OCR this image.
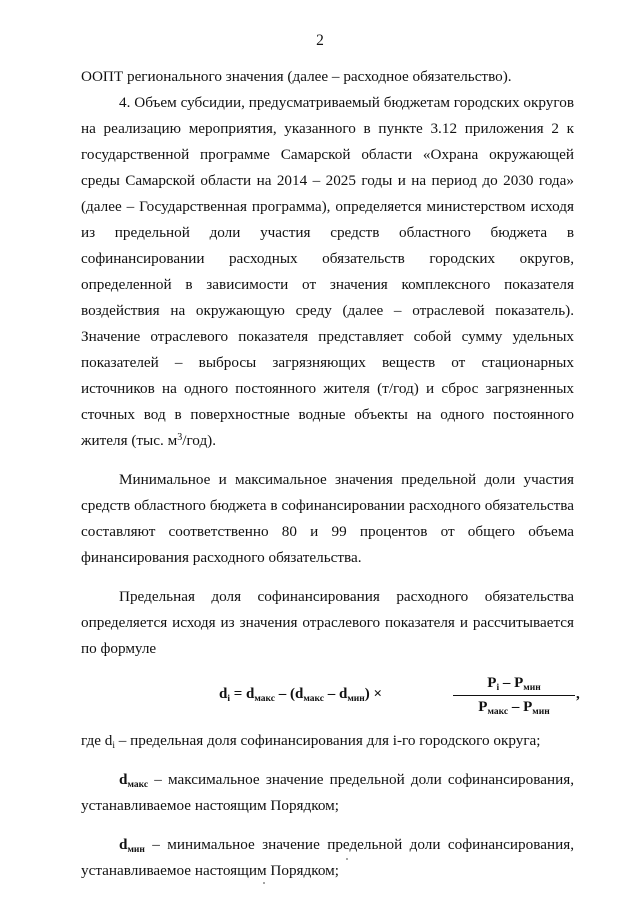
2

ООПТ регионального значения (далее – расходное обязательство).

4. Объем субсидии, предусматриваемый бюджетам городских округов на реализацию мероприятия, указанного в пункте 3.12 приложения 2 к государственной программе Самарской области «Охрана окружающей среды Самарской области на 2014 – 2025 годы и на период до 2030 года» (далее – Государственная программа), определяется министерством исходя из предельной доли участия средств областного бюджета в софинансировании расходных обязательств городских округов, определенной в зависимости от значения комплексного показателя воздействия на окружающую среду (далее – отраслевой показатель). Значение отраслевого показателя представляет собой сумму удельных показателей – выбросы загрязняющих веществ от стационарных источников на одного постоянного жителя (т/год) и сброс загрязненных сточных вод в поверхностные водные объекты на одного постоянного жителя (тыс. $м^3/год$).

Минимальное и максимальное значения предельной доли участия средств областного бюджета в софинансировании расходного обязательства составляют соответственно 80 и 99 процентов от общего объема финансирования расходного обязательства.

Предельная доля софинансирования расходного обязательства определяется исходя из значения отраслевого показателя и рассчитывается по формуле

$d_i = d_{макс} - (d_{макс} - d_{мин})$ ×
$P_i - P_{мин}$
$P_{макс} - P_{мин}$
,

где $d_i$ – предельная доля софинансирования для i-го городского округа;

$d_{макс}$ – максимальное значение предельной доли софинансирования, устанавливаемое настоящим Порядком;

$d_{мин}$ – минимальное значение предельной доли софинансирования, устанавливаемое настоящим Порядком;
